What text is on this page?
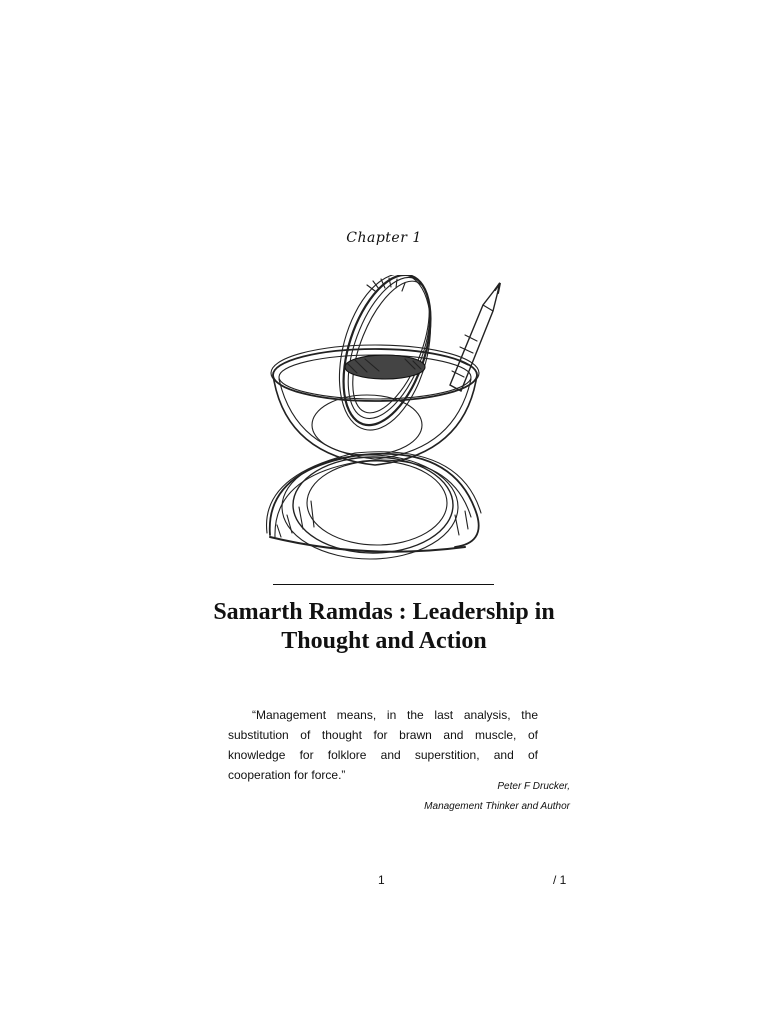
Chapter 1
Samarth Ramdas : Leadership in Thought and Action

“Management means, in the last analysis, the substitution of thought for brawn and muscle, of knowledge for folklore and superstition, and of cooperation for force.”

Peter F Drucker,
Management Thinker and Author
1	/ 1
